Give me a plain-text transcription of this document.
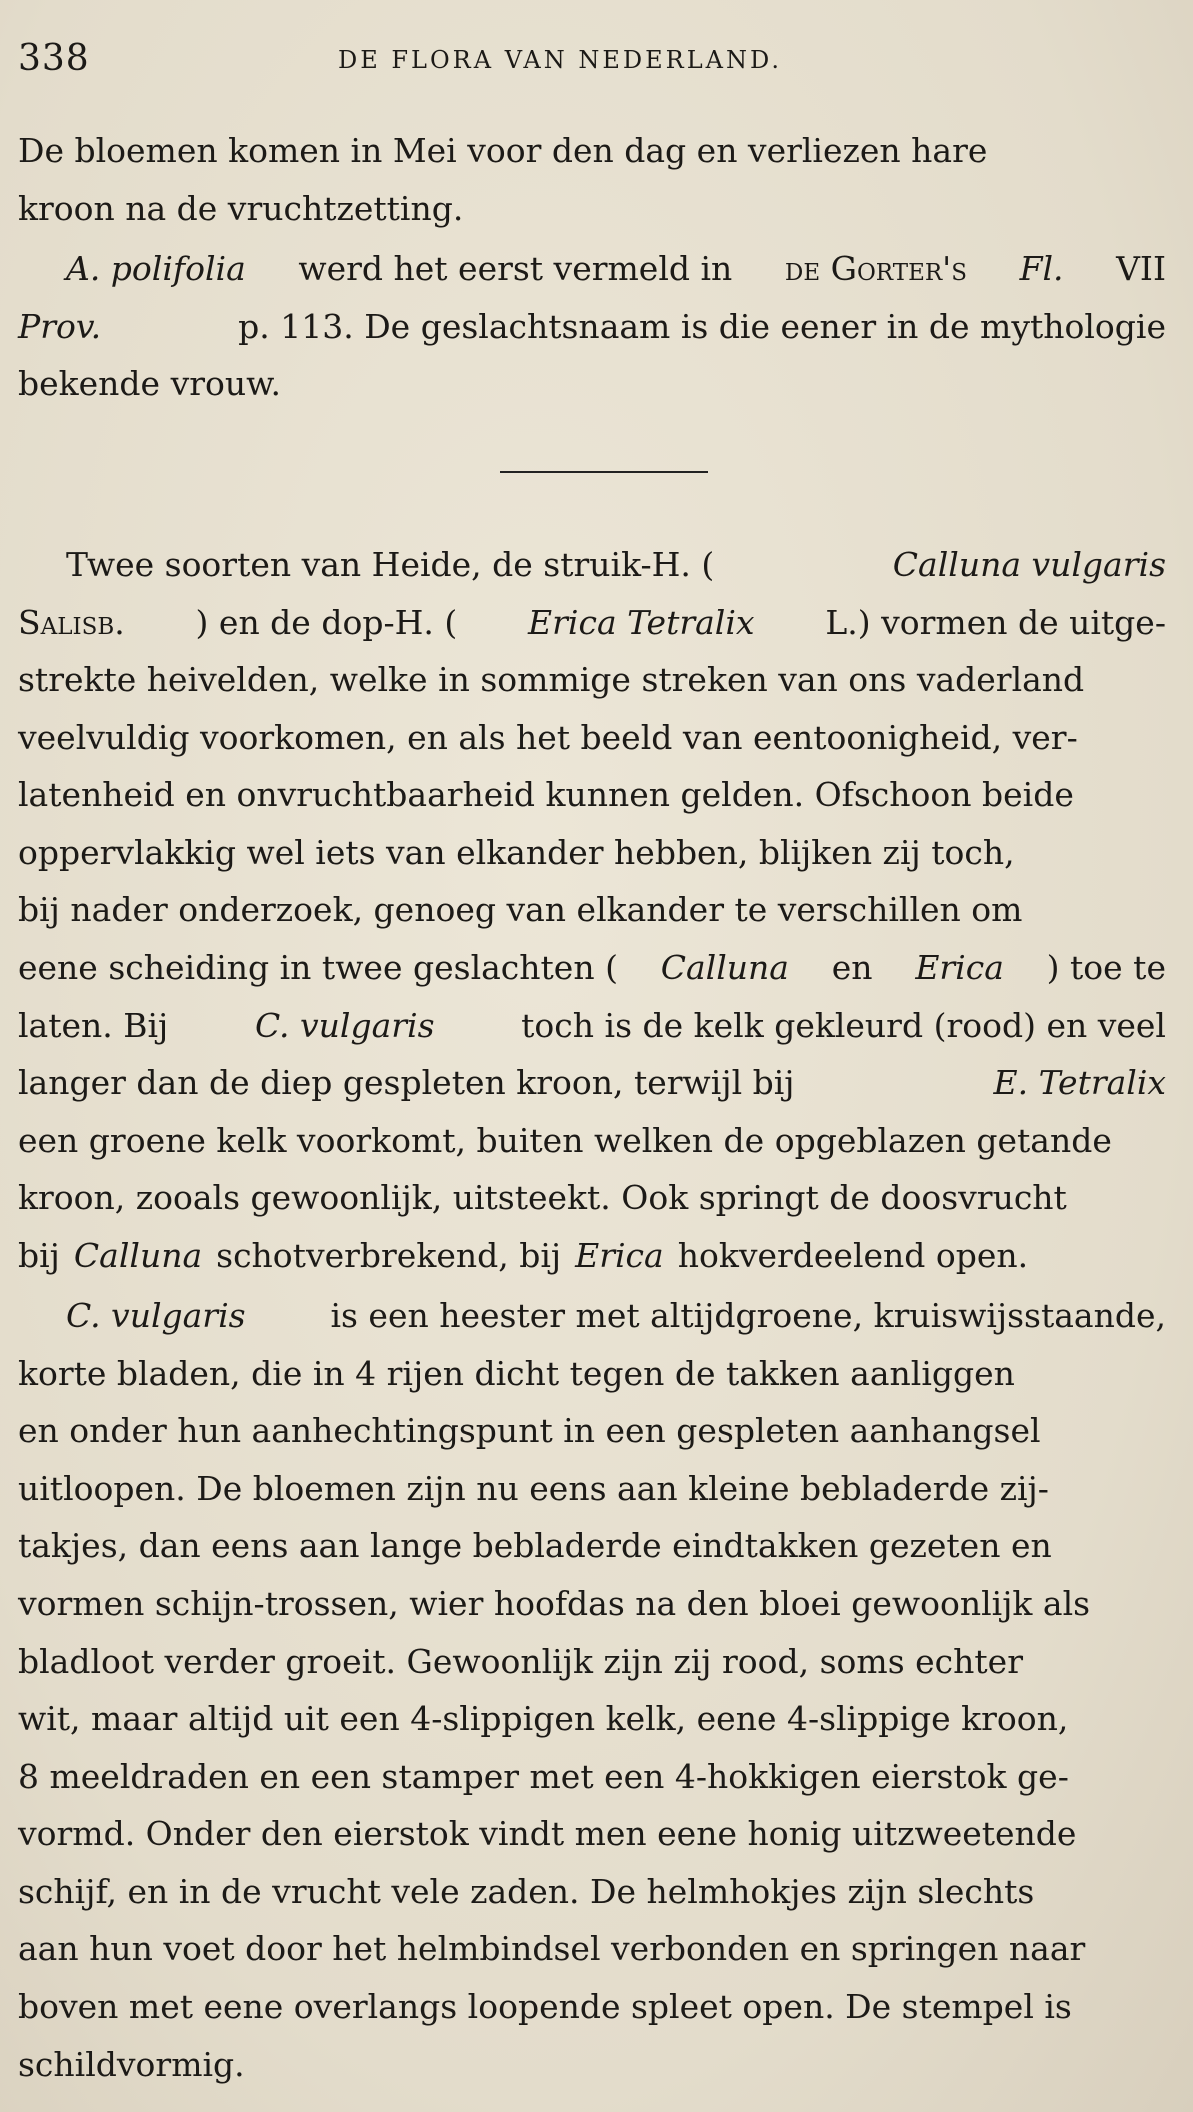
338	DE FLORA VAN NEDERLAND.
De bloemen komen in Mei voor den dag en verliezen hare
kroon na de vruchtzetting.
A. polifolia werd het eerst vermeld in de Gorter's Fl. VII
Prov.	p. 113. De geslachtsnaam is die eener in de mythologie
bekende vrouw.
Twee soorten van Heide, de struik-H. (	Calluna vulgaris
Salisb. ) en de dop-H. ( Erica Tetralix L.) vormen de uitge-
strekte heivelden, welke in sommige streken van ons vaderland
veelvuldig voorkomen, en als het beeld van eentoonigheid, ver-
latenheid en onvruchtbaarheid kunnen gelden. Ofschoon beide
oppervlakkig wel iets van elkander hebben, blijken zij toch,
bij nader onderzoek, genoeg van elkander te verschillen om
eene scheiding in twee geslachten ( Calluna en Erica ) toe te
laten. Bij	C. vulgaris	toch is de kelk gekleurd (rood) en veel
langer dan de diep gespleten kroon, terwijl bij	E. Tetralix
een groene kelk voorkomt, buiten welken de opgeblazen getande
kroon, zooals gewoonlijk, uitsteekt. Ook springt de doosvrucht
bij Calluna schotverbrekend, bij Erica hokverdeelend open.
C. vulgaris	is een heester met altijdgroene, kruiswijsstaande,
korte bladen, die in 4 rijen dicht tegen de takken aanliggen
en onder hun aanhechtingspunt in een gespleten aanhangsel
uitloopen. De bloemen zijn nu eens aan kleine bebladerde zij-
takjes, dan eens aan lange bebladerde eindtakken gezeten en
vormen schijn-trossen, wier hoofdas na den bloei gewoonlijk als
bladloot verder groeit. Gewoonlijk zijn zij rood, soms echter
wit, maar altijd uit een 4-slippigen kelk, eene 4-slippige kroon,
8 meeldraden en een stamper met een 4-hokkigen eierstok ge-
vormd. Onder den eierstok vindt men eene honig uitzweetende
schijf, en in de vrucht vele zaden. De helmhokjes zijn slechts
aan hun voet door het helmbindsel verbonden en springen naar
boven met eene overlangs loopende spleet open. De stempel is
schildvormig.
